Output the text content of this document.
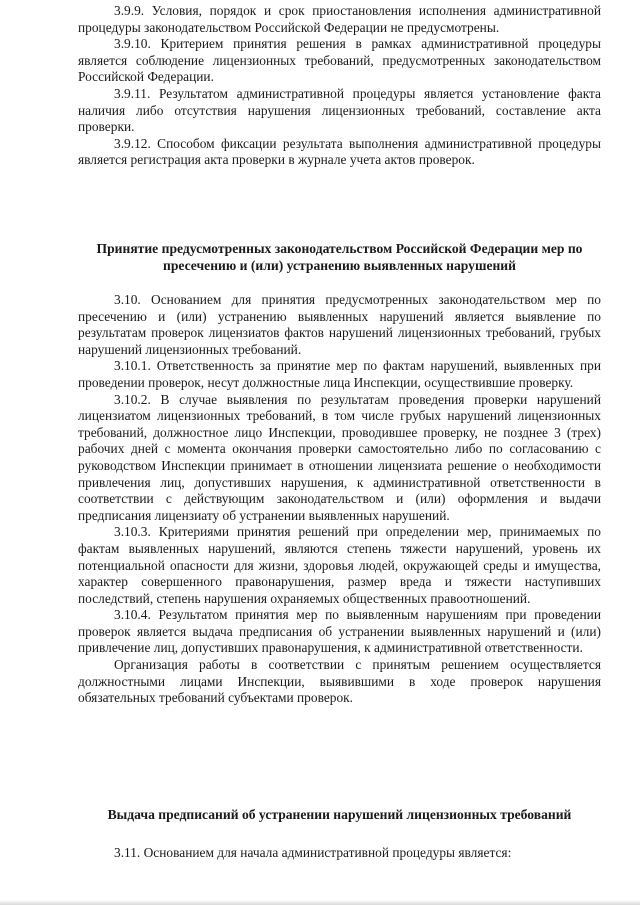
3.9.9. Условия, порядок и срок приостановления исполнения административной процедуры законодательством Российской Федерации не предусмотрены.

3.9.10. Критерием принятия решения в рамках административной процедуры является соблюдение лицензионных требований, предусмотренных законодательством Российской Федерации.

3.9.11. Результатом административной процедуры является установление факта наличия либо отсутствия нарушения лицензионных требований, составление акта проверки.

3.9.12. Способом фиксации результата выполнения административной процедуры является регистрация акта проверки в журнале учета актов проверок.

Принятие предусмотренных законодательством Российской Федерации мер по пресечению и (или) устранению выявленных нарушений

3.10. Основанием для принятия предусмотренных законодательством мер по пресечению и (или) устранению выявленных нарушений является выявление по результатам проверок лицензиатов фактов нарушений лицензионных требований, грубых нарушений лицензионных требований.

3.10.1. Ответственность за принятие мер по фактам нарушений, выявленных при проведении проверок, несут должностные лица Инспекции, осуществившие проверку.

3.10.2. В случае выявления по результатам проведения проверки нарушений лицензиатом лицензионных требований, в том числе грубых нарушений лицензионных требований, должностное лицо Инспекции, проводившее проверку, не позднее 3 (трех) рабочих дней с момента окончания проверки самостоятельно либо по согласованию с руководством Инспекции принимает в отношении лицензиата решение о необходимости привлечения лиц, допустивших нарушения, к административной ответственности в соответствии с действующим законодательством и (или) оформления и выдачи предписания лицензиату об устранении выявленных нарушений.

3.10.3. Критериями принятия решений при определении мер, принимаемых по фактам выявленных нарушений, являются степень тяжести нарушений, уровень их потенциальной опасности для жизни, здоровья людей, окружающей среды и имущества, характер совершенного правонарушения, размер вреда и тяжести наступивших последствий, степень нарушения охраняемых общественных правоотношений.

3.10.4. Результатом принятия мер по выявленным нарушениям при проведении проверок является выдача предписания об устранении выявленных нарушений и (или) привлечение лиц, допустивших правонарушения, к административной ответственности.

Организация работы в соответствии с принятым решением осуществляется должностными лицами Инспекции, выявившими в ходе проверок нарушения обязательных требований субъектами проверок.

Выдача предписаний об устранении нарушений лицензионных требований

3.11. Основанием для начала административной процедуры является:
